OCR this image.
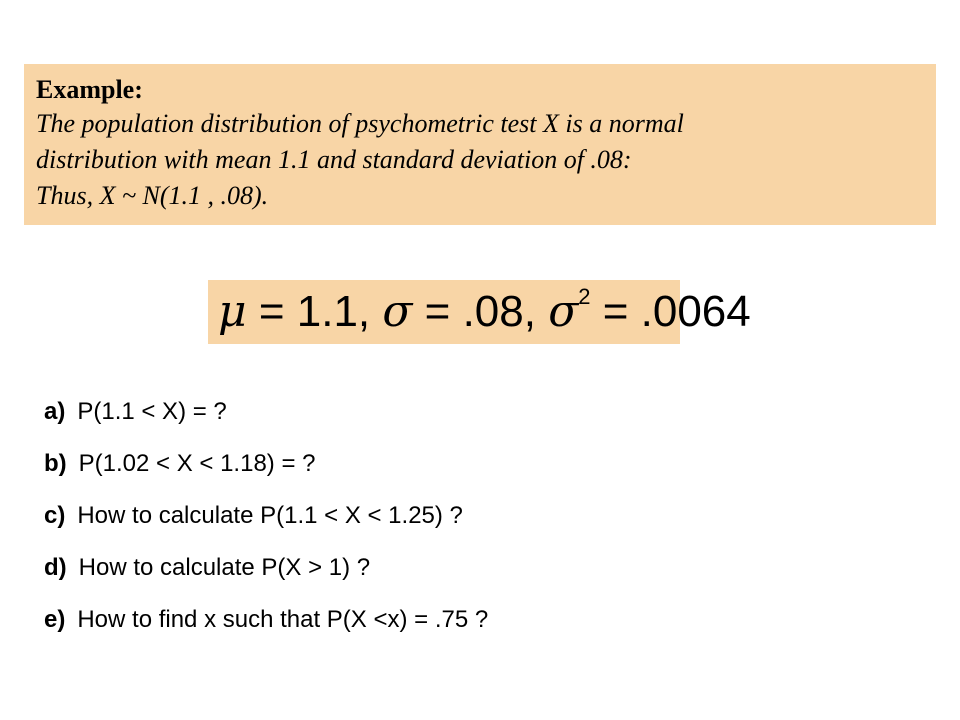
Example:

The population distribution of psychometric test X is a normal

distribution with mean 1.1 and standard deviation of .08:

Thus, X ~ N(1.1 , .08).

μ = 1.1, σ = .08, $\sigma^2 = .0064$

a) P(1.1 < X) = ?

b) P(1.02 < X < 1.18) = ?

c) How to calculate P(1.1 < X < 1.25) ?

d) How to calculate P(X > 1) ?

e) How to find x such that P(X <x) = .75 ?
